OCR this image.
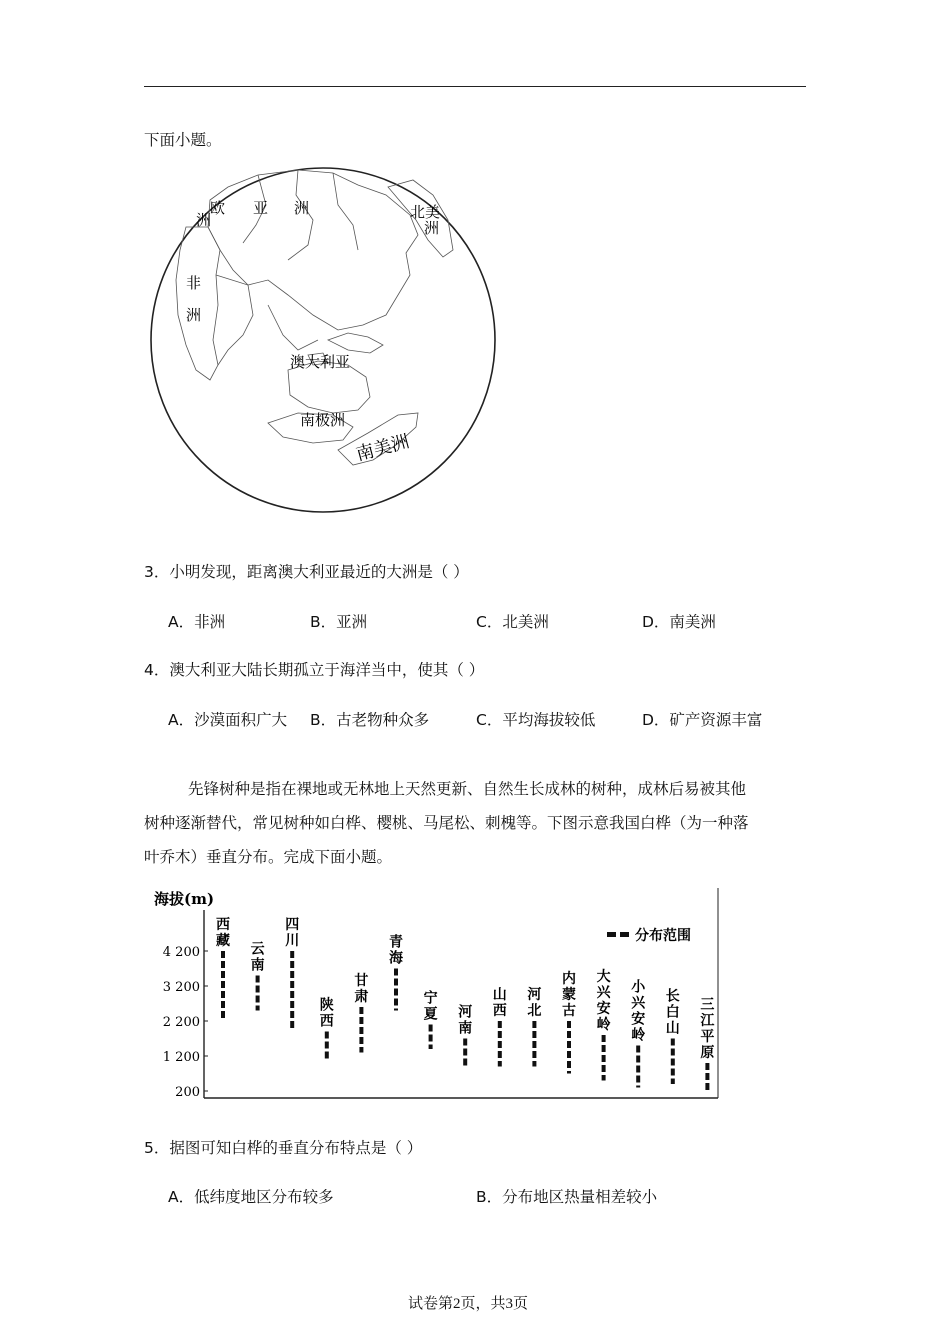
下面小题。
欧
洲
亚 洲	北美
洲
非
洲
澳大利亚
南极洲
南美洲
3．小明发现，距离澳大利亚最近的大洲是（ ）
A．非洲	B．亚洲	C．北美洲	D．南美洲
4．澳大利亚大陆长期孤立于海洋当中，使其（ ）
A．沙漠面积广大 B．古老物种众多	C．平均海拔较低	D．矿产资源丰富

先锋树种是指在裸地或无林地上天然更新、自然生长成林的树种，成林后易被其他

树种逐渐替代，常见树种如白桦、樱桃、马尾松、刺槐等。下图示意我国白桦（为一种落

叶乔木）垂直分布。完成下面小题。

海拔(m)
4 200
3 200
2 200
1 200
200
西藏
云南
四川
陕西
甘肃
青海
宁夏 河南
山西
河北
内蒙古
大兴安岭
小兴安岭
长白山
三江平原
分布范围
5．据图可知白桦的垂直分布特点是（ ）
A．低纬度地区分布较多	B．分布地区热量相差较小
试卷第2页，共3页
